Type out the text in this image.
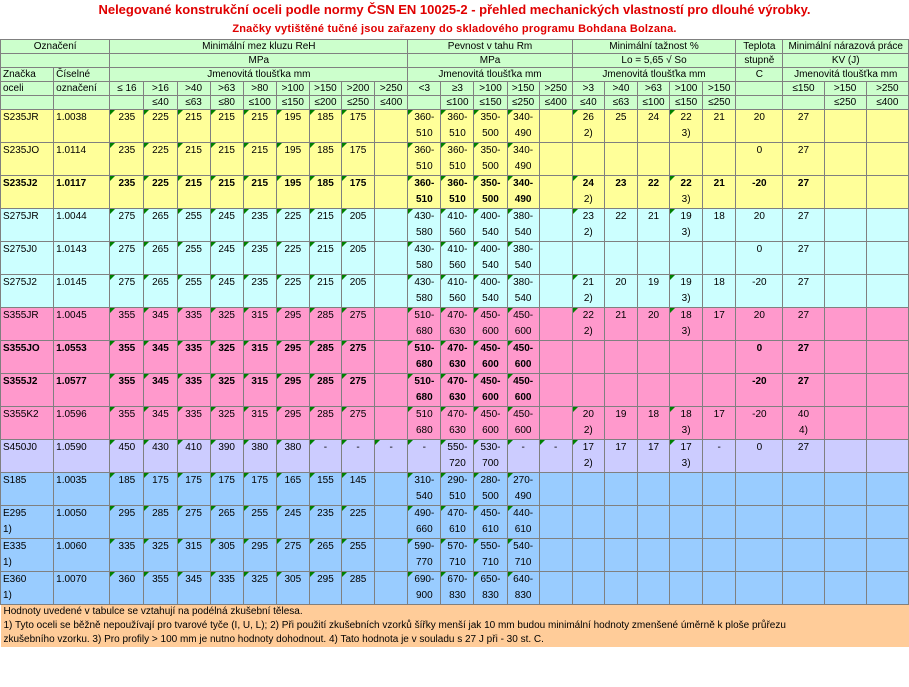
Nelegované konstrukční oceli podle normy ČSN EN 10025-2 - přehled mechanických vlastností pro dlouhé výrobky.
Značky vytištěné tučné jsou zařazeny do skladového programu Bohdana Bolzana.
Označení		Minimální mez kluzu ReH									Pevnost v tahu Rm					Minimální tažnost %					Teplota	Minimální nárazová práce		
		MPa									MPa					Lo = 5,65 √ So					stupně	KV (J)		
Značka	Číselné	Jmenovitá tloušťka mm									Jmenovitá tloušťka mm					Jmenovitá tloušťka mm					C	Jmenovitá tloušťka mm		
oceli	označení	≤ 16	>16	>40	>63	>80	>100	>150	>200	>250	<3	≥3	>100	>150	>250	>3	>40	>63	>100	>150		≤150	>150	>250
			≤40	≤63	≤80	≤100	≤150	≤200	≤250	≤400		≤100	≤150	≤250	≤400	≤40	≤63	≤100	≤150	≤250			≤250	≤400
S235JR	1.0038	235	225	215	215	215	195	185	175		360-	360-	350-	340-		26	25	24	22	21	20	27		
											510	510	500	490		2)			3)					
S235JO	1.0114	235	225	215	215	215	195	185	175		360-	360-	350-	340-							0	27		
											510	510	500	490										
S235J2	1.0117	235	225	215	215	215	195	185	175		360-	360-	350-	340-		24	23	22	22	21	-20	27		
											510	510	500	490		2)			3)					
S275JR	1.0044	275	265	255	245	235	225	215	205		430-	410-	400-	380-		23	22	21	19	18	20	27		
											580	560	540	540		2)			3)					
S275J0	1.0143	275	265	255	245	235	225	215	205		430-	410-	400-	380-							0	27		
											580	560	540	540										
S275J2	1.0145	275	265	255	245	235	225	215	205		430-	410-	400-	380-		21	20	19	19	18	-20	27		
											580	560	540	540		2)			3)					
S355JR	1.0045	355	345	335	325	315	295	285	275		510-	470-	450-	450-		22	21	20	18	17	20	27		
											680	630	600	600		2)			3)					
S355JO	1.0553	355	345	335	325	315	295	285	275		510-	470-	450-	450-							0	27		
											680	630	600	600										
S355J2	1.0577	355	345	335	325	315	295	285	275		510-	470-	450-	450-							-20	27		
											680	630	600	600										
S355K2	1.0596	355	345	335	325	315	295	285	275		510	470-	450-	450-		20	19	18	18	17	-20	40		
											680	630	600	600		2)			3)			4)		
S450J0	1.0590	450	430	410	390	380	380	-	-	-	-	550-	530-	-	-	17	17	17	17	-	0	27		
												720	700			2)			3)					
S185	1.0035	185	175	175	175	175	165	155	145		310-	290-	280-	270-										
											540	510	500	490										
E295	1.0050	295	285	275	265	255	245	235	225		490-	470-	450-	440-										
1)											660	610	610	610										
E335	1.0060	335	325	315	305	295	275	265	255		590-	570-	550-	540-										
1)											770	710	710	710										
E360	1.0070	360	355	345	335	325	305	295	285		690-	670-	650-	640-										
1)											900	830	830	830										
Hodnoty uvedené v tabulce se vztahují na podélná zkušební tělesa.																								
1) Tyto oceli se běžně nepoužívají pro tvarové tyče (I, U, L); 2) Při použití zkušebních vzorků šířky menší jak 10 mm budou minimální hodnoty zmenšené úměrně k ploše průřezu																								
zkušebního vzorku. 3) Pro profily > 100 mm je nutno hodnoty dohodnout. 4) Tato hodnota je v souladu s 27 J při - 30 st. C.																								
